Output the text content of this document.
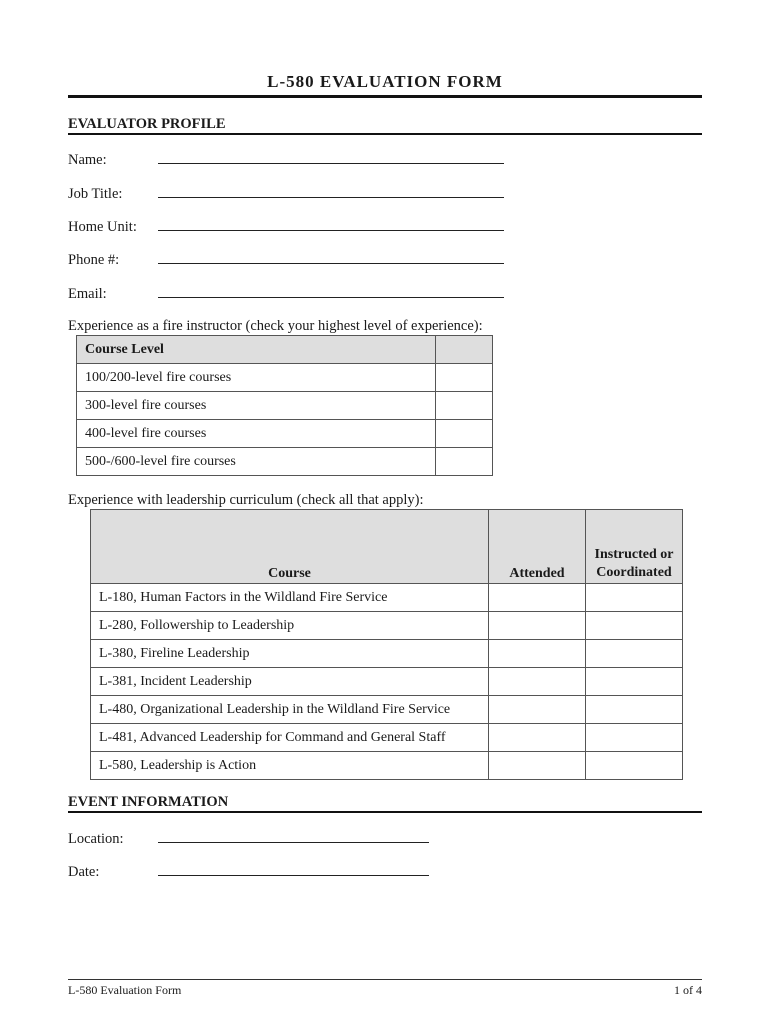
L-580 EVALUATION FORM
EVALUATOR PROFILE
Name:
Job Title:
Home Unit:
Phone #:
Email:
Experience as a fire instructor (check your highest level of experience):
Course Level	
100/200-level fire courses	
300-level fire courses	
400-level fire courses	
500-/600-level fire courses	
Experience with leadership curriculum (check all that apply):
Course	Attended	Instructed or Coordinated
L-180, Human Factors in the Wildland Fire Service		
L-280, Followership to Leadership		
L-380, Fireline Leadership		
L-381, Incident Leadership		
L-480, Organizational Leadership in the Wildland Fire Service		
L-481, Advanced Leadership for Command and General Staff		
L-580, Leadership is Action		
EVENT INFORMATION
Location:
Date:
L-580 Evaluation Form	1 of 4
